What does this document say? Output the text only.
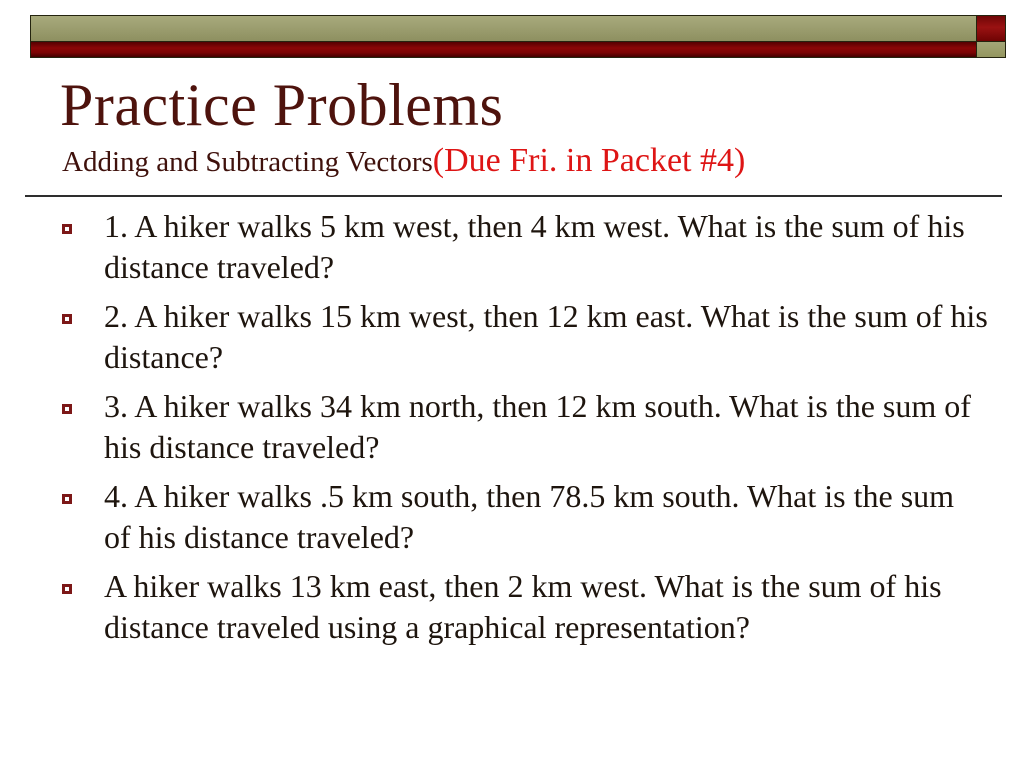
Practice Problems
Adding and Subtracting Vectors(Due Fri. in Packet #4)
1. A hiker walks 5 km west, then 4 km west. What is the sum of his distance traveled?
2. A hiker walks 15 km west, then 12 km east. What is the sum of his distance?
3. A hiker walks 34 km north, then 12 km south. What is the sum of his distance traveled?
4. A hiker walks .5 km south, then 78.5 km south. What is the sum of his distance traveled?
A hiker walks 13 km east, then 2 km west. What is the sum of his distance traveled using a graphical representation?
